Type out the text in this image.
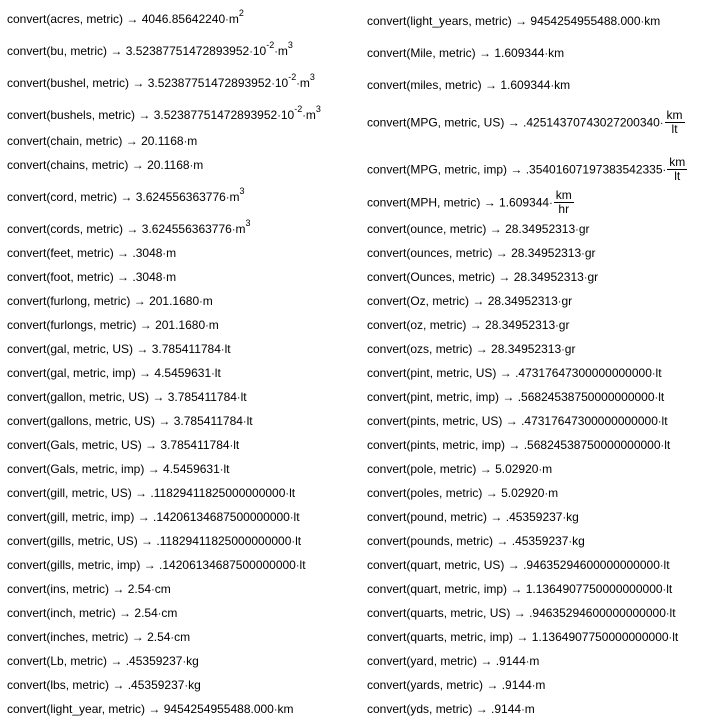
convert(acres, metric) → $4046.85642240\cdot m^2$
convert(bu, metric) → $3.52387751472893952\cdot 10^{-2}\cdot m^3$
convert(bushel, metric) → $3.52387751472893952\cdot 10^{-2}\cdot m^3$
convert(bushels, metric) → $3.52387751472893952\cdot 10^{-2}\cdot m^3$
convert(chain, metric) → 20.1168·m
convert(chains, metric) → 20.1168·m
convert(cord, metric) → $3.624556363776\cdot m^3$
convert(cords, metric) → $3.624556363776\cdot m^3$
convert(feet, metric) → .3048·m
convert(foot, metric) → .3048·m
convert(furlong, metric) → 201.1680·m
convert(furlongs, metric) → 201.1680·m
convert(gal, metric, US) → 3.785411784·lt
convert(gal, metric, imp) → 4.5459631·lt
convert(gallon, metric, US) → 3.785411784·lt
convert(gallons, metric, US) → 3.785411784·lt
convert(Gals, metric, US) → 3.785411784·lt
convert(Gals, metric, imp) → 4.5459631·lt
convert(gill, metric, US) → .11829411825000000000·lt
convert(gill, metric, imp) → .14206134687500000000·lt
convert(gills, metric, US) → .11829411825000000000·lt
convert(gills, metric, imp) → .14206134687500000000·lt
convert(ins, metric) → 2.54·cm
convert(inch, metric) → 2.54·cm
convert(inches, metric) → 2.54·cm
convert(Lb, metric) → .45359237·kg
convert(lbs, metric) → .45359237·kg
convert(light_year, metric) → 9454254955488.000·km
convert(light_years, metric) → 9454254955488.000·km
convert(Mile, metric) → 1.609344·km
convert(miles, metric) → 1.609344·km
convert(MPG, metric, $US) \to .42514370743027200340\cdot \frac{km}{lt}$
convert(MPG, metric, $imp) \to .35401607197383542335\cdot \frac{km}{lt}$
convert(MPH, metric) → $1.609344\cdot \frac{km}{hr}$
convert(ounce, metric) → 28.34952313·gr
convert(ounces, metric) → 28.34952313·gr
convert(Ounces, metric) → 28.34952313·gr
convert(Oz, metric) → 28.34952313·gr
convert(oz, metric) → 28.34952313·gr
convert(ozs, metric) → 28.34952313·gr
convert(pint, metric, US) → .47317647300000000000·lt
convert(pint, metric, imp) → .56824538750000000000·lt
convert(pints, metric, US) → .47317647300000000000·lt
convert(pints, metric, imp) → .56824538750000000000·lt
convert(pole, metric) → 5.02920·m
convert(poles, metric) → 5.02920·m
convert(pound, metric) → .45359237·kg
convert(pounds, metric) → .45359237·kg
convert(quart, metric, US) → .94635294600000000000·lt
convert(quart, metric, imp) → 1.1364907750000000000·lt
convert(quarts, metric, US) → .94635294600000000000·lt
convert(quarts, metric, imp) → 1.1364907750000000000·lt
convert(yard, metric) → .9144·m
convert(yards, metric) → .9144·m
convert(yds, metric) → .9144·m
